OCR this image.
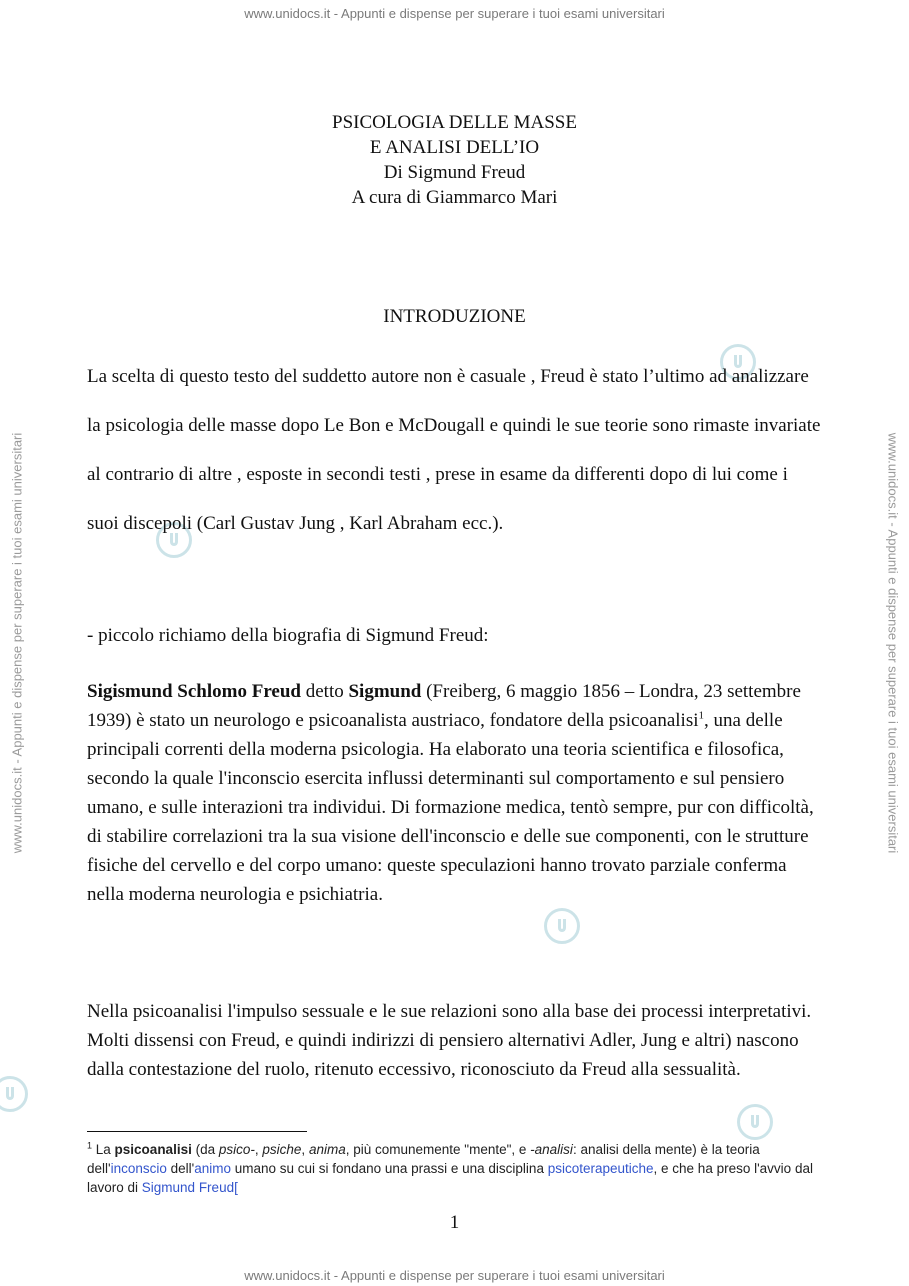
www.unidocs.it - Appunti e dispense per superare i tuoi esami universitari
www.unidocs.it - Appunti e dispense per superare i tuoi esami universitari	www.unidocs.it - Appunti e dispense per superare i tuoi esami universitari
PSICOLOGIA DELLE MASSE
E ANALISI DELL’IO
Di Sigmund Freud
A cura di Giammarco Mari
INTRODUZIONE

La scelta di questo testo del suddetto autore non è casuale , Freud è stato l’ultimo ad analizzare la psicologia delle masse dopo Le Bon e McDougall e quindi le sue teorie sono rimaste invariate al contrario di altre , esposte in secondi testi , prese in esame da differenti dopo di lui come i suoi discepoli (Carl Gustav Jung , Karl Abraham ecc.).

- piccolo richiamo della biografia di Sigmund Freud:

Sigismund Schlomo Freud detto Sigmund (Freiberg, 6 maggio 1856 – Londra, 23 settembre 1939) è stato un neurologo e psicoanalista austriaco, fondatore della psicoanalisi$^1$, una delle principali correnti della moderna psicologia. Ha elaborato una teoria scientifica e filosofica, secondo la quale l'inconscio esercita influssi determinanti sul comportamento e sul pensiero umano, e sulle interazioni tra individui. Di formazione medica, tentò sempre, pur con difficoltà, di stabilire correlazioni tra la sua visione dell'inconscio e delle sue componenti, con le strutture fisiche del cervello e del corpo umano: queste speculazioni hanno trovato parziale conferma nella moderna neurologia e psichiatria.

Nella psicoanalisi l'impulso sessuale e le sue relazioni sono alla base dei processi interpretativi. Molti dissensi con Freud, e quindi indirizzi di pensiero alternativi Adler, Jung e altri) nascono dalla contestazione del ruolo, ritenuto eccessivo, riconosciuto da Freud alla sessualità.

$^1$ La psicoanalisi (da psico-, psiche, anima, più comunemente "mente", e -analisi: analisi della mente) è la teoria dell'inconscio dell'animo umano su cui si fondano una prassi e una disciplina psicoterapeutiche, e che ha preso l'avvio dal lavoro di Sigmund Freud[

1
www.unidocs.it - Appunti e dispense per superare i tuoi esami universitari
